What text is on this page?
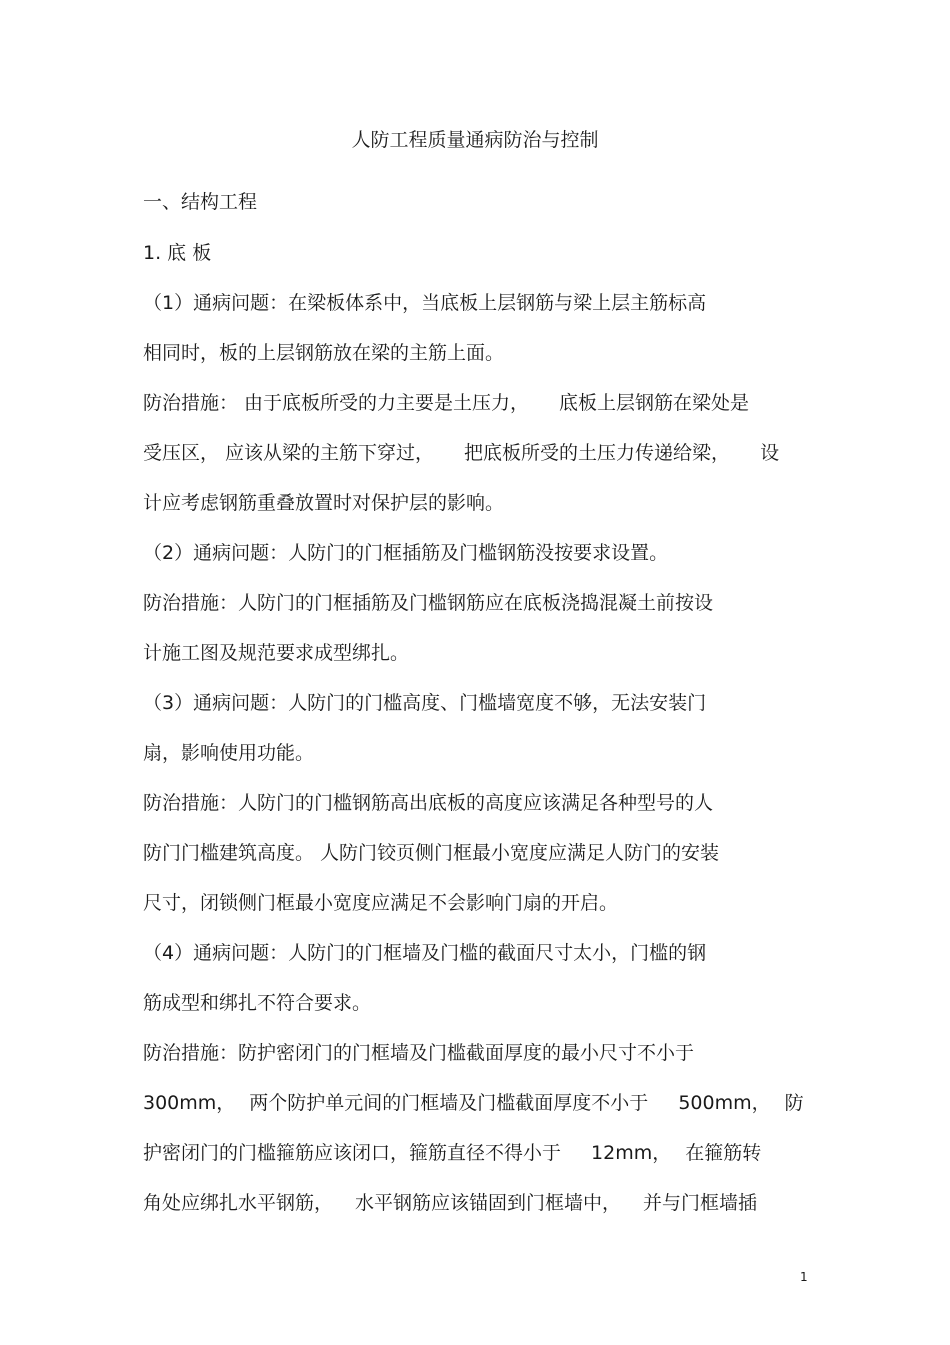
人防工程质量通病防治与控制
一、结构工程
1. 底 板
（1）通病问题：在梁板体系中，当底板上层钢筋与梁上层主筋标高
相同时，板的上层钢筋放在梁的主筋上面。
防治措施： 由于底板所受的力主要是土压力， 底板上层钢筋在梁处是
受压区， 应该从梁的主筋下穿过， 把底板所受的土压力传递给梁， 设
计应考虑钢筋重叠放置时对保护层的影响。
（2）通病问题：人防门的门框插筋及门槛钢筋没按要求设置。
防治措施：人防门的门框插筋及门槛钢筋应在底板浇捣混凝土前按设
计施工图及规范要求成型绑扎。
（3）通病问题：人防门的门槛高度、门槛墙宽度不够，无法安装门
扇，影响使用功能。
防治措施：人防门的门槛钢筋高出底板的高度应该满足各种型号的人
防门门槛建筑高度。 人防门铰页侧门框最小宽度应满足人防门的安装
尺寸，闭锁侧门框最小宽度应满足不会影响门扇的开启。
（4）通病问题：人防门的门框墙及门槛的截面尺寸太小，门槛的钢
筋成型和绑扎不符合要求。
防治措施：防护密闭门的门框墙及门槛截面厚度的最小尺寸不小于
300mm， 两个防护单元间的门框墙及门槛截面厚度不小于 500mm， 防
护密闭门的门槛箍筋应该闭口，箍筋直径不得小于 12mm， 在箍筋转
角处应绑扎水平钢筋， 水平钢筋应该锚固到门框墙中， 并与门框墙插
1
